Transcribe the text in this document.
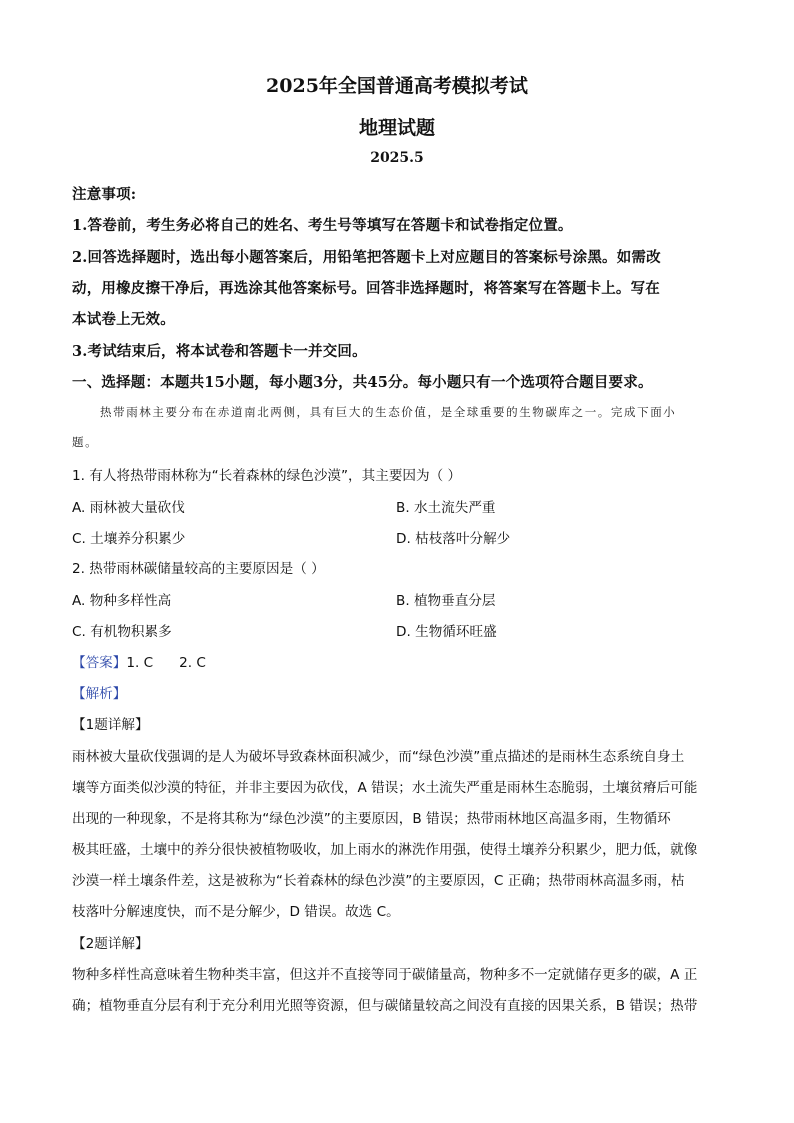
2025年全国普通高考模拟考试
地理试题
2025.5
注意事项:
1.答卷前，考生务必将自己的姓名、考生号等填写在答题卡和试卷指定位置。
2.回答选择题时，选出每小题答案后，用铅笔把答题卡上对应题目的答案标号涂黑。如需改
动，用橡皮擦干净后，再选涂其他答案标号。回答非选择题时，将答案写在答题卡上。写在
本试卷上无效。
3.考试结束后，将本试卷和答题卡一并交回。
一、选择题：本题共15小题，每小题3分，共45分。每小题只有一个选项符合题目要求。
热带雨林主要分布在赤道南北两侧，具有巨大的生态价值，是全球重要的生物碳库之一。完成下面小
题。
1. 有人将热带雨林称为“长着森林的绿色沙漠”，其主要因为（ ）
A. 雨林被大量砍伐	B. 水土流失严重
C. 土壤养分积累少	D. 枯枝落叶分解少
2. 热带雨林碳储量较高的主要原因是（ ）
A. 物种多样性高	B. 植物垂直分层
C. 有机物积累多	D. 生物循环旺盛
【答案】1. C      2. C
【解析】
【1题详解】
雨林被大量砍伐强调的是人为破坏导致森林面积减少，而“绿色沙漠”重点描述的是雨林生态系统自身土
壤等方面类似沙漠的特征，并非主要因为砍伐，A 错误；水土流失严重是雨林生态脆弱，土壤贫瘠后可能
出现的一种现象，不是将其称为“绿色沙漠”的主要原因，B 错误；热带雨林地区高温多雨，生物循环
极其旺盛，土壤中的养分很快被植物吸收，加上雨水的淋洗作用强，使得土壤养分积累少，肥力低，就像
沙漠一样土壤条件差，这是被称为“长着森林的绿色沙漠”的主要原因，C 正确；热带雨林高温多雨，枯
枝落叶分解速度快，而不是分解少，D 错误。故选 C。
【2题详解】
物种多样性高意味着生物种类丰富，但这并不直接等同于碳储量高，物种多不一定就储存更多的碳，A 正
确；植物垂直分层有利于充分利用光照等资源，但与碳储量较高之间没有直接的因果关系，B 错误；热带
